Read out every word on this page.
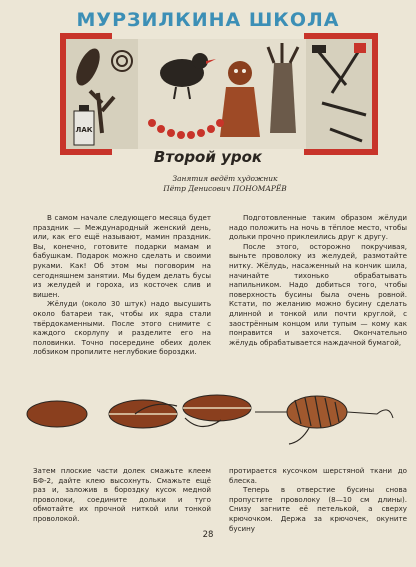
МУРЗИЛКИНА ШКОЛА
ЛАК
Второй урок
Занятия ведёт художник
Пётр Денисович ПОНОМАРЁВ

В самом начале следующего месяца будет праздник — Международный женский день, или, как его ещё называют, мамин праздник. Вы, конечно, готовите подарки мамам и бабушкам. Подарок можно сделать и своими руками. Как! Об этом мы поговорим на сегодняшнем занятии. Мы будем делать бусы из желудей и гороха, из косточек слив и вишен.

Жёлуди (около 30 штук) надо высушить около батареи так, чтобы их ядра стали твёрдокаменными. После этого снимите с каждого скорлупу и разделите его на половинки. Точно посередине обеих долек лобзиком пропилите неглубокие бороздки.

Подготовленные таким образом жёлуди надо положить на ночь в тёплое место, чтобы дольки прочно приклеились друг к другу.

После этого, осторожно покручивая, выньте проволоку из желудей, размотайте нитку. Жёлудь, насаженный на кончик шила, начинайте тихонько обрабатывать напильником. Надо добиться того, чтобы поверхность бусины была очень ровной. Кстати, по желанию можно бусину сделать длинной и тонкой или почти круглой, с заострённым концом или тупым — кому как понравится и захочется. Окончательно жёлудь обрабатывается наждачной бумагой,

Затем плоские части долек смажьте клеем БФ-2, дайте клею высохнуть. Смажьте ещё раз и, заложив в бороздку кусок медной проволоки, соедините дольки и туго обмотайте их прочной ниткой или тонкой проволокой.

протирается кусочком шерстяной ткани до блеска.

Теперь в отверстие бусины снова пропустите проволоку (8—10 см длины). Снизу загните её петелькой, а сверху крючочком. Держа за крючочек, окуните бусину

28
